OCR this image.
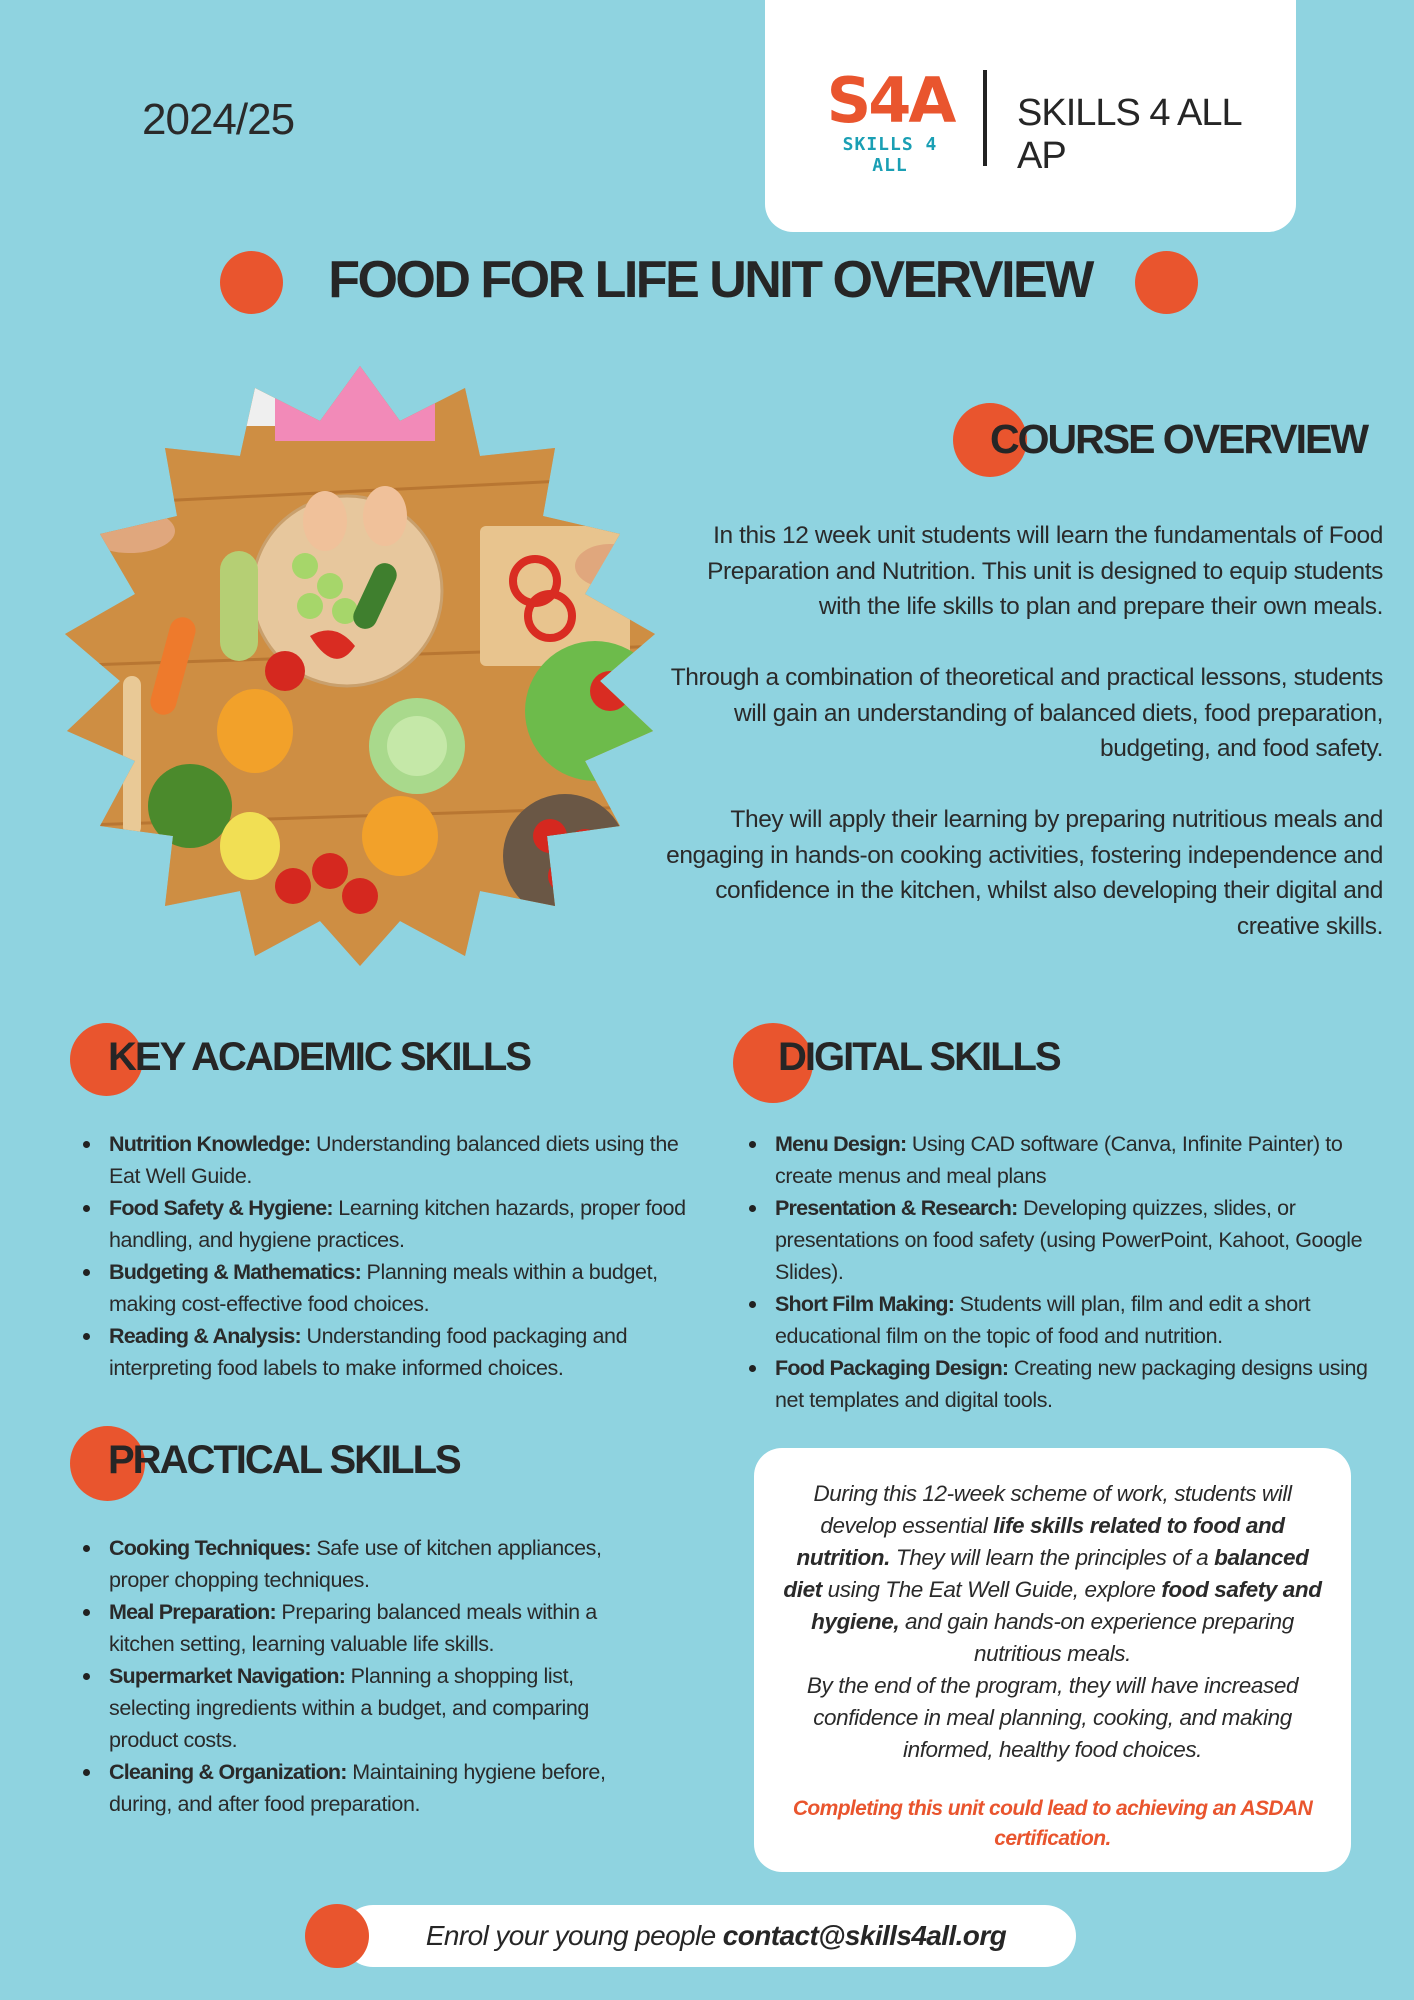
2024/25	S4A
SKILLS 4 ALL
SKILLS 4 ALL AP
FOOD FOR LIFE UNIT OVERVIEW
COURSE OVERVIEW

In this 12 week unit students will learn the fundamentals of Food Preparation and Nutrition. This unit is designed to equip students with the life skills to plan and prepare their own meals.

Through a combination of theoretical and practical lessons, students will gain an understanding of balanced diets, food preparation, budgeting, and food safety.

They will apply their learning by preparing nutritious meals and engaging in hands-on cooking activities, fostering independence and confidence in the kitchen, whilst also developing their digital and creative skills.

KEY ACADEMIC SKILLS
Nutrition Knowledge: Understanding balanced diets using the Eat Well Guide.
Food Safety & Hygiene: Learning kitchen hazards, proper food handling, and hygiene practices.
Budgeting & Mathematics: Planning meals within a budget, making cost-effective food choices.
Reading & Analysis: Understanding food packaging and interpreting food labels to make informed choices.
DIGITAL SKILLS
Menu Design: Using CAD software (Canva, Infinite Painter) to create menus and meal plans
Presentation & Research: Developing quizzes, slides, or presentations on food safety (using PowerPoint, Kahoot, Google Slides).
Short Film Making: Students will plan, film and edit a short educational film on the topic of food and nutrition.
Food Packaging Design: Creating new packaging designs using net templates and digital tools.
PRACTICAL SKILLS
Cooking Techniques: Safe use of kitchen appliances, proper chopping techniques.
Meal Preparation: Preparing balanced meals within a kitchen setting, learning valuable life skills.
Supermarket Navigation: Planning a shopping list, selecting ingredients within a budget, and comparing product costs.
Cleaning & Organization: Maintaining hygiene before, during, and after food preparation.

During this 12-week scheme of work, students will develop essential life skills related to food and nutrition. They will learn the principles of a balanced diet using The Eat Well Guide, explore food safety and hygiene, and gain hands-on experience preparing nutritious meals.

By the end of the program, they will have increased confidence in meal planning, cooking, and making informed, healthy food choices.

Completing this unit could lead to achieving an ASDAN certification.

Enrol your young people contact@skills4all.org
